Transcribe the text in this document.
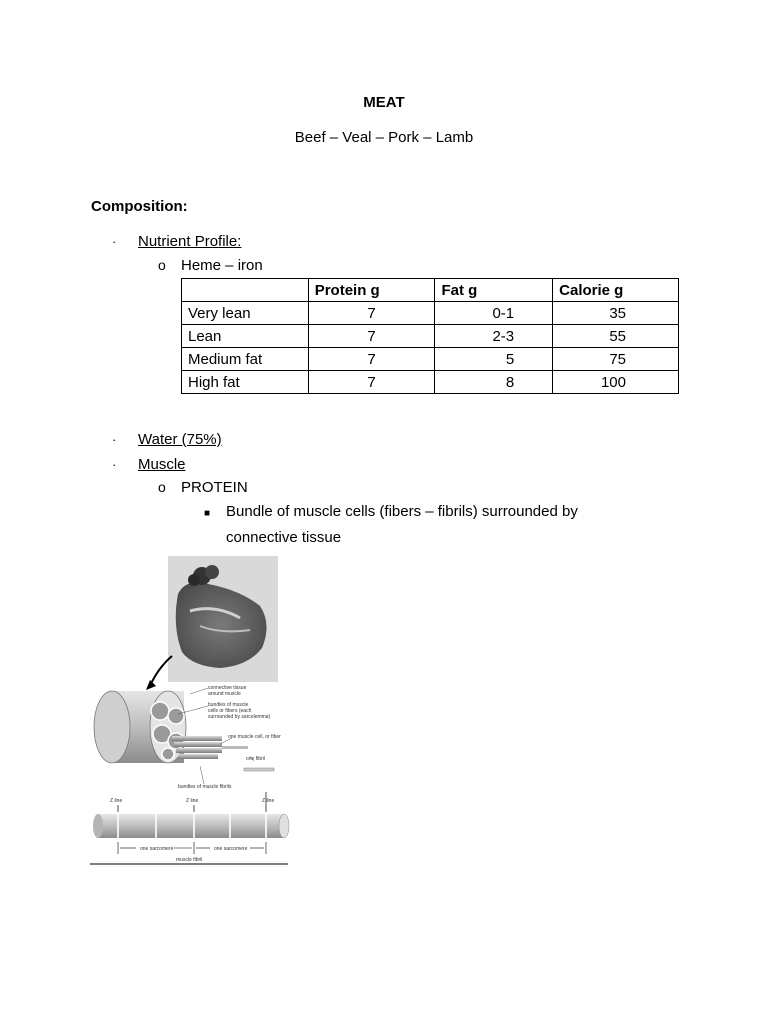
MEAT
Beef – Veal – Pork – Lamb
Composition:
·	Nutrient Profile:
o	Heme – iron
	Protein g	Fat g	Calorie g
Very lean	7	0-1	35
Lean	7	2-3	55
Medium fat	7	5	75
High fat	7	8	100
·	Water (75%)
·	Muscle
o	PROTEIN
■	Bundle of muscle cells (fibers – fibrils) surrounded by
connective tissue
connective tissue
around muscle
bundles of muscle
cells or fibers (each
surrounded by sarcolemma)
one muscle cell, or fiber
one fibril
bundles of muscle fibrils
Z line	Z line	Z line
one sarcomere	one sarcomere
muscle fibril
